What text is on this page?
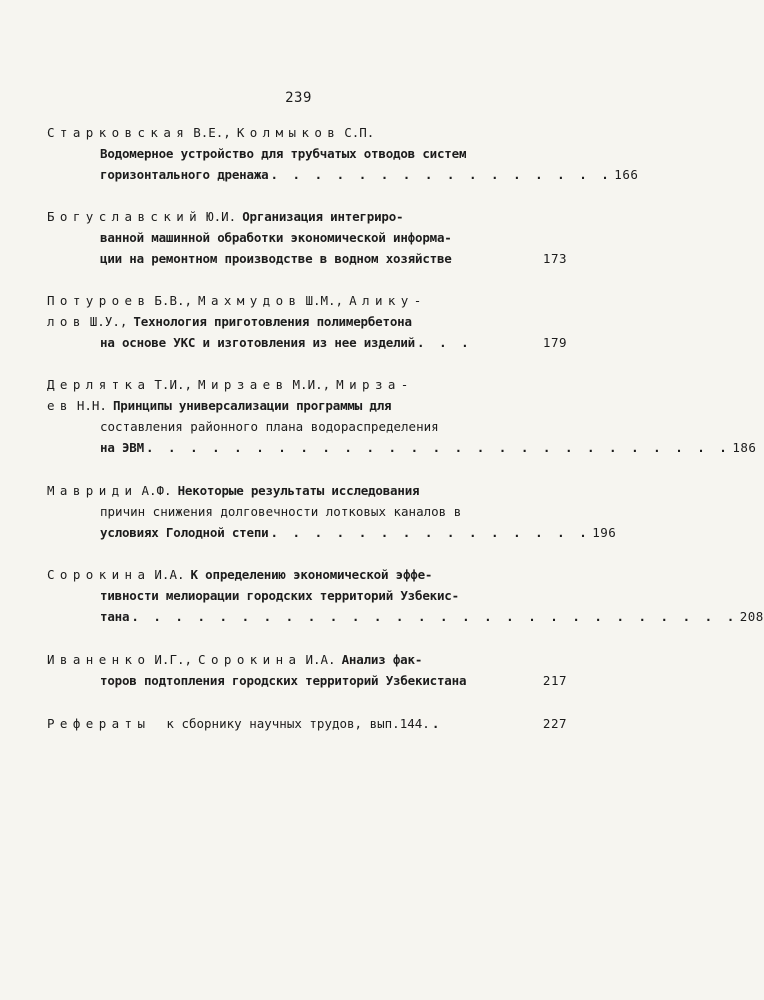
239
Старковская В.Е., Колмыков С.П.
Водомерное устройство для трубчатых отводов систем
горизонтального дренажа . . . . . . . . . . . . . . . . 166
Богуславский Ю.И. Организация интегриро-
ванной машинной обработки экономической информа-
ции на ремонтном производстве в водном хозяйстве	173
Потуроев Б.В., Махмудов Ш.М., Алику-
лов Ш.У., Технология приготовления полимербетона
на основе УКС и изготовления из нее изделий . . .	179
Дерлятка Т.И., Мирзаев М.И., Мирза-
ев Н.Н. Принципы универсализации программы для
составления районного плана водораспределения
на ЭВМ . . . . . . . . . . . . . . . . . . . . . . . . . . . 186
Мавриди А.Ф. Некоторые результаты исследования
причин снижения долговечности лотковых каналов в
условиях Голодной степи . . . . . . . . . . . . . . . 196
Сорокина И.А. К определению экономической эффе-
тивности мелиорации городских территорий Узбекис-
тана . . . . . . . . . . . . . . . . . . . . . . . . . . . . 208
Иваненко И.Г., Сорокина И.А. Анализ фак-
торов подтопления городских территорий Узбекистана	217
Рефераты к сборнику научных трудов, вып.144. .	227
